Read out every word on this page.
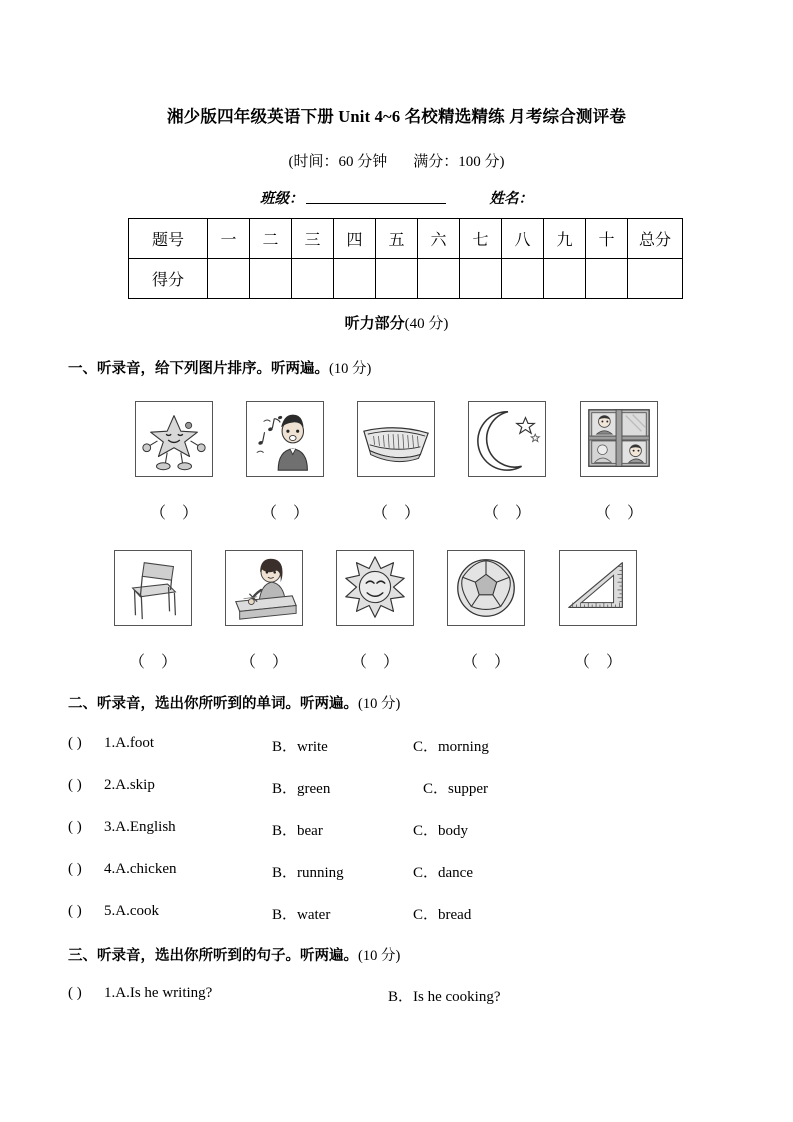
湘少版四年级英语下册 Unit 4~6 名校精选精练 月考综合测评卷
(时间：60 分钟 满分：100 分)
班级：	姓名：
题号	一	二	三	四	五	六	七	八	九	十	总分
得分											
听力部分(40 分)
一、听录音，给下列图片排序。听两遍。(10 分)
（    ）	（    ）	（    ）	（    ）	（    ）
（    ）	（    ）	（    ）	（    ）	（    ）
二、听录音，选出你所听到的单词。听两遍。(10 分)
( ) 1.A.foot	B．write	C．morning
( ) 2.A.skip	B．green	C．supper
( ) 3.A.English	B．bear	C．body
( ) 4.A.chicken	B．running	C．dance
( ) 5.A.cook	B．water	C．bread
三、听录音，选出你所听到的句子。听两遍。(10 分)
( ) 1.A.Is he writing?	B．Is he cooking?
